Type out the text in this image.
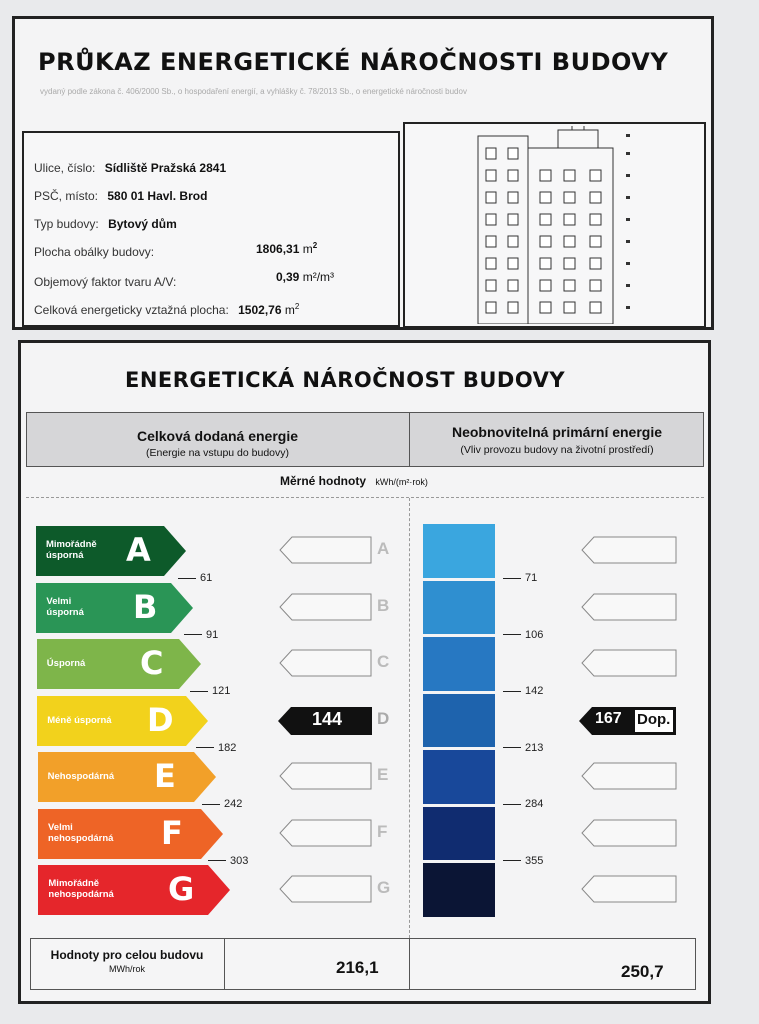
PRŮKAZ ENERGETICKÉ NÁROČNOSTI BUDOVY
vydaný podle zákona č. 406/2000 Sb., o hospodaření energií, a vyhlášky č. 78/2013 Sb., o energetické náročnosti budov
Ulice, číslo: Sídliště Pražská 2841
PSČ, místo: 580 01 Havl. Brod
Typ budovy: Bytový dům
Plocha obálky budovy:	1806,31 $m^2$
Objemový faktor tvaru A/V:	0,39 m²/m³
Celková energeticky vztažná plocha: 1502,76 $m^2$
ENERGETICKÁ NÁROČNOST BUDOVY
Celková dodaná energie
(Energie na vstupu do budovy)
Neobnovitelná primární energie
(Vliv provozu budovy na životní prostředí)
Měrné hodnoty kWh/(m²·rok)
61
91
121
182
242
303
71
106
142
213
284
355
144	167 Dop.
Hodnoty pro celou budovu
MWh/rok	216,1	250,7
Mimořádně
úsporná	A	A
Velmi
úsporná B	B
Úsporná C	C
Méně úsporná D	D
Nehospodárná E	E
Velmi
nehospodárná F	F
Mimořádně
nehospodárná G	G
